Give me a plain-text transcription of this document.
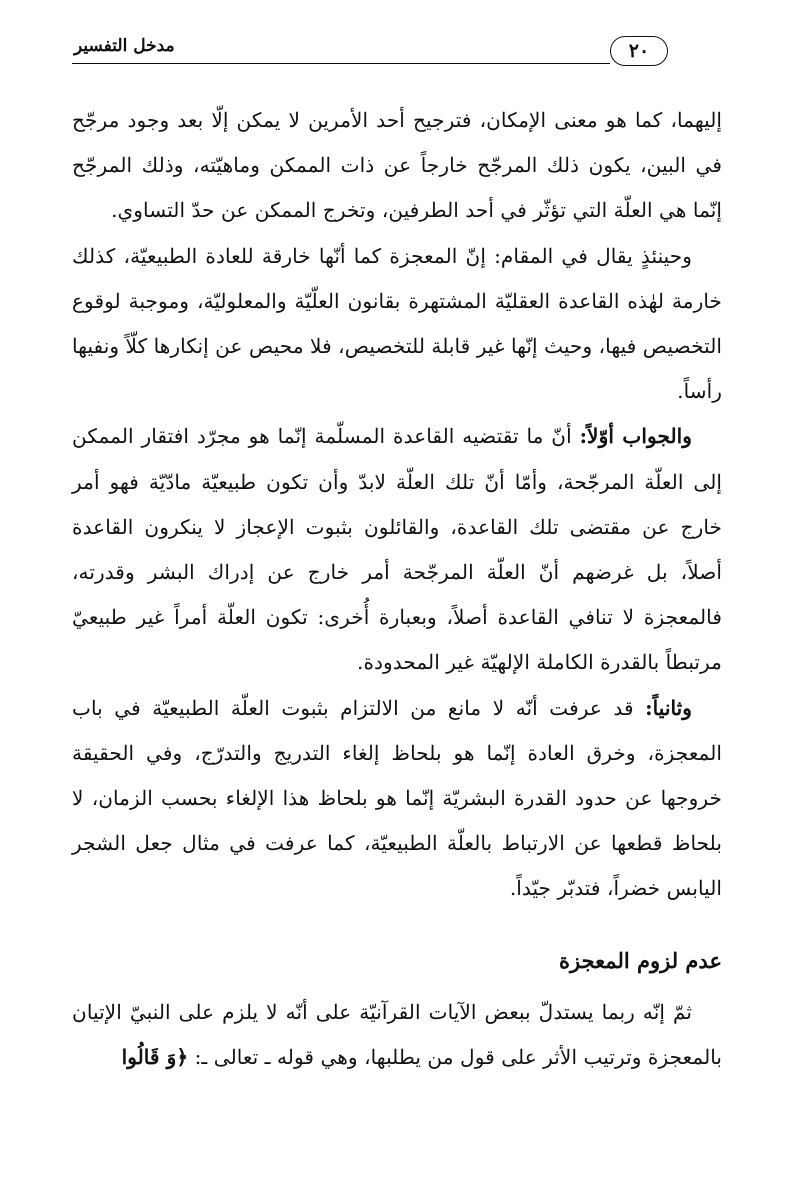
٢٠
مدخل التفسير

إليهما، كما هو معنى الإمكان، فترجيح أحد الأمرين لا يمكن إلّا بعد وجود مرجّح في البين، يكون ذلك المرجّح خارجاً عن ذات الممكن وماهيّته، وذلك المرجّح إنّما هي العلّة التي تؤثّر في أحد الطرفين، وتخرج الممكن عن حدّ التساوي.

وحينئذٍ يقال في المقام: إنّ المعجزة كما أنّها خارقة للعادة الطبيعيّة، كذلك خارمة لهٰذه القاعدة العقليّة المشتهرة بقانون العلّيّة والمعلوليّة، وموجبة لوقوع التخصيص فيها، وحيث إنّها غير قابلة للتخصيص، فلا محيص عن إنكارها كلّاً ونفيها رأساً.

والجواب أوّلاً: أنّ ما تقتضيه القاعدة المسلّمة إنّما هو مجرّد افتقار الممكن إلى العلّة المرجّحة، وأمّا أنّ تلك العلّة لابدّ وأن تكون طبيعيّة مادّيّة فهو أمر خارج عن مقتضى تلك القاعدة، والقائلون بثبوت الإعجاز لا ينكرون القاعدة أصلاً، بل غرضهم أنّ العلّة المرجّحة أمر خارج عن إدراك البشر وقدرته، فالمعجزة لا تنافي القاعدة أصلاً، وبعبارة أُخرى: تكون العلّة أمراً غير طبيعيّ مرتبطاً بالقدرة الكاملة الإلهيّة غير المحدودة.

وثانياً: قد عرفت أنّه لا مانع من الالتزام بثبوت العلّة الطبيعيّة في باب المعجزة، وخرق العادة إنّما هو بلحاظ إلغاء التدريج والتدرّج، وفي الحقيقة خروجها عن حدود القدرة البشريّة إنّما هو بلحاظ هذا الإلغاء بحسب الزمان، لا بلحاظ قطعها عن الارتباط بالعلّة الطبيعيّة، كما عرفت في مثال جعل الشجر اليابس خضراً، فتدبّر جيّداً.

عدم لزوم المعجزة

ثمّ إنّه ربما يستدلّ ببعض الآيات القرآنيّة على أنّه لا يلزم على النبيّ الإتيان بالمعجزة وترتيب الأثر على قول من يطلبها، وهي قوله ـ تعالى ـ: ﴿وَ قَالُوا
